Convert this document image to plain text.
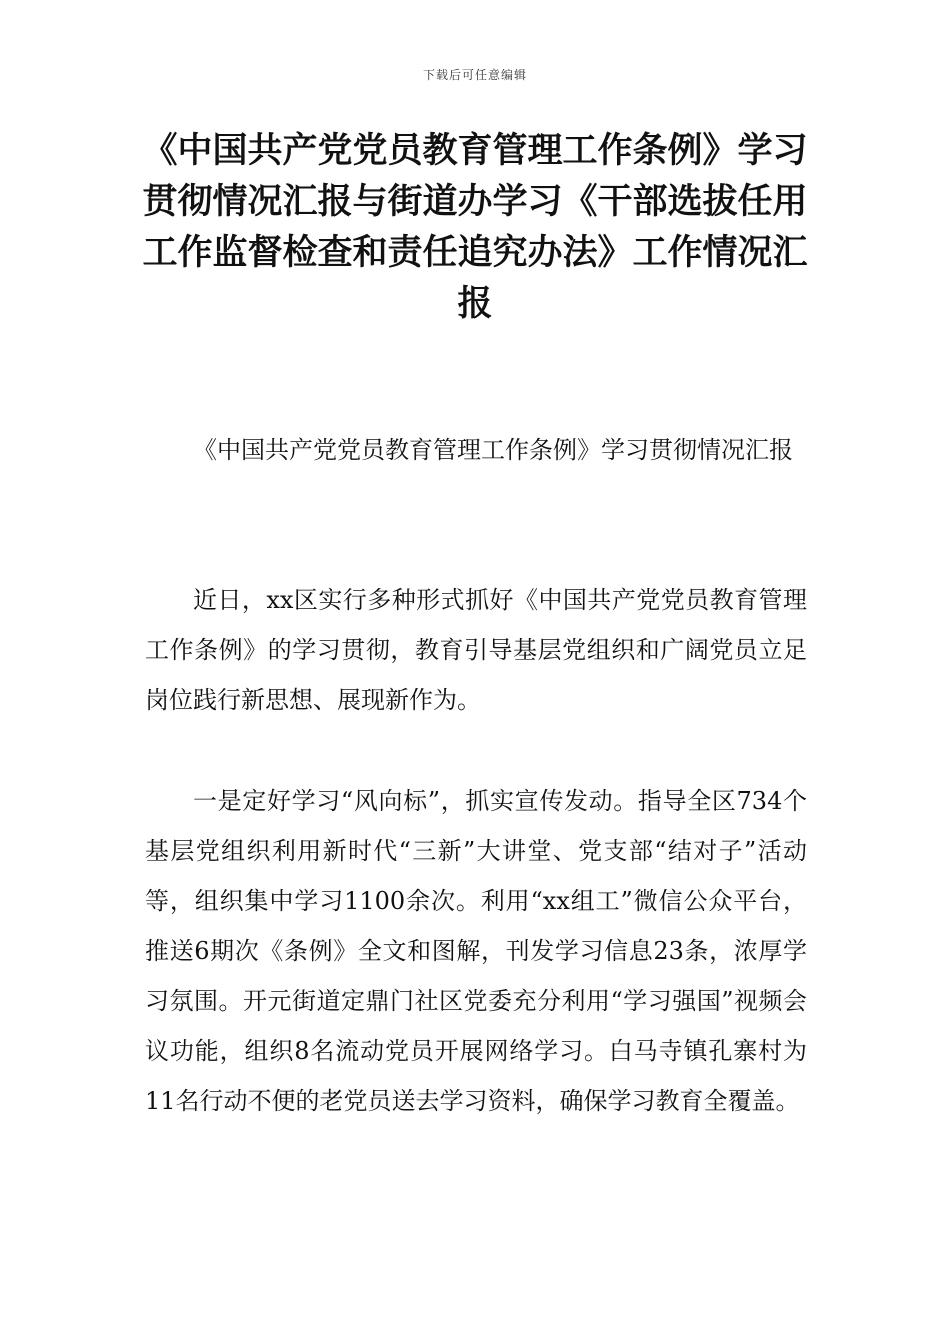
下载后可任意编辑
《中国共产党党员教育管理工作条例》学习贯彻情况汇报与街道办学习《干部选拔任用工作监督检查和责任追究办法》工作情况汇报

《中国共产党党员教育管理工作条例》学习贯彻情况汇报

近日，xx区实行多种形式抓好《中国共产党党员教育管理工作条例》的学习贯彻，教育引导基层党组织和广阔党员立足岗位践行新思想、展现新作为。

一是定好学习“风向标”，抓实宣传发动。指导全区734个基层党组织利用新时代“三新”大讲堂、党支部“结对子”活动等，组织集中学习1100余次。利用“xx组工”微信公众平台，推送6期次《条例》全文和图解，刊发学习信息23条，浓厚学习氛围。开元街道定鼎门社区党委充分利用“学习强国”视频会议功能，组织8名流动党员开展网络学习。白马寺镇孔寨村为11名行动不便的老党员送去学习资料，确保学习教育全覆盖。
